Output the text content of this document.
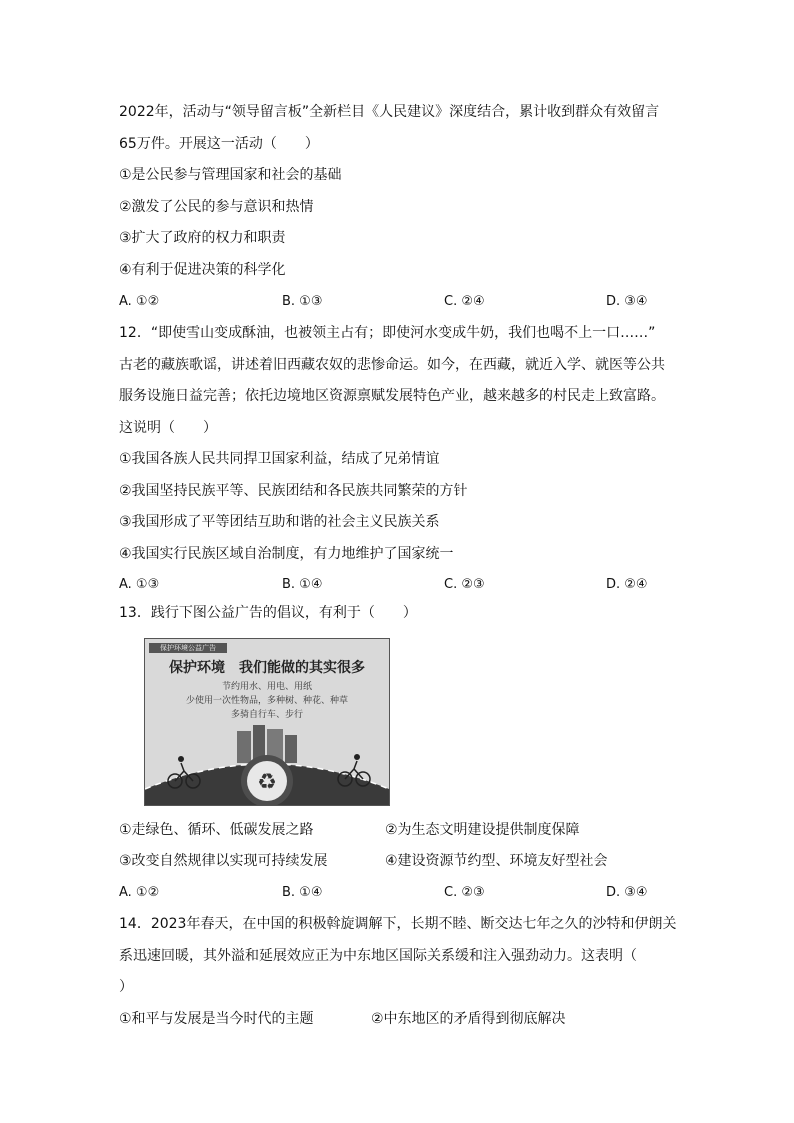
2022年，活动与“领导留言板”全新栏目《人民建议》深度结合，累计收到群众有效留言
65万件。开展这一活动（　　）
①是公民参与管理国家和社会的基础
②激发了公民的参与意识和热情
③扩大了政府的权力和职责
④有利于促进决策的科学化
A. ①②	B. ①③	C. ②④	D. ③④
12．“即使雪山变成酥油，也被领主占有；即使河水变成牛奶，我们也喝不上一口……”
古老的藏族歌谣，讲述着旧西藏农奴的悲惨命运。如今，在西藏，就近入学、就医等公共
服务设施日益完善；依托边境地区资源禀赋发展特色产业，越来越多的村民走上致富路。
这说明（　　）
①我国各族人民共同捍卫国家利益，结成了兄弟情谊
②我国坚持民族平等、民族团结和各民族共同繁荣的方针
③我国形成了平等团结互助和谐的社会主义民族关系
④我国实行民族区域自治制度，有力地维护了国家统一
A. ①③	B. ①④	C. ②③	D. ②④
13．践行下图公益广告的倡议，有利于（　　）
♻
保护环境公益广告
保护环境　我们能做的其实很多
节约用水、用电、用纸
少使用一次性物品，多种树、种花、种草
多骑自行车、步行
①走绿色、循环、低碳发展之路	②为生态文明建设提供制度保障
③改变自然规律以实现可持续发展	④建设资源节约型、环境友好型社会
A. ①②	B. ①④	C. ②③	D. ③④
14．2023年春天，在中国的积极斡旋调解下，长期不睦、断交达七年之久的沙特和伊朗关
系迅速回暖，其外溢和延展效应正为中东地区国际关系缓和注入强劲动力。这表明（
）
①和平与发展是当今时代的主题	②中东地区的矛盾得到彻底解决
